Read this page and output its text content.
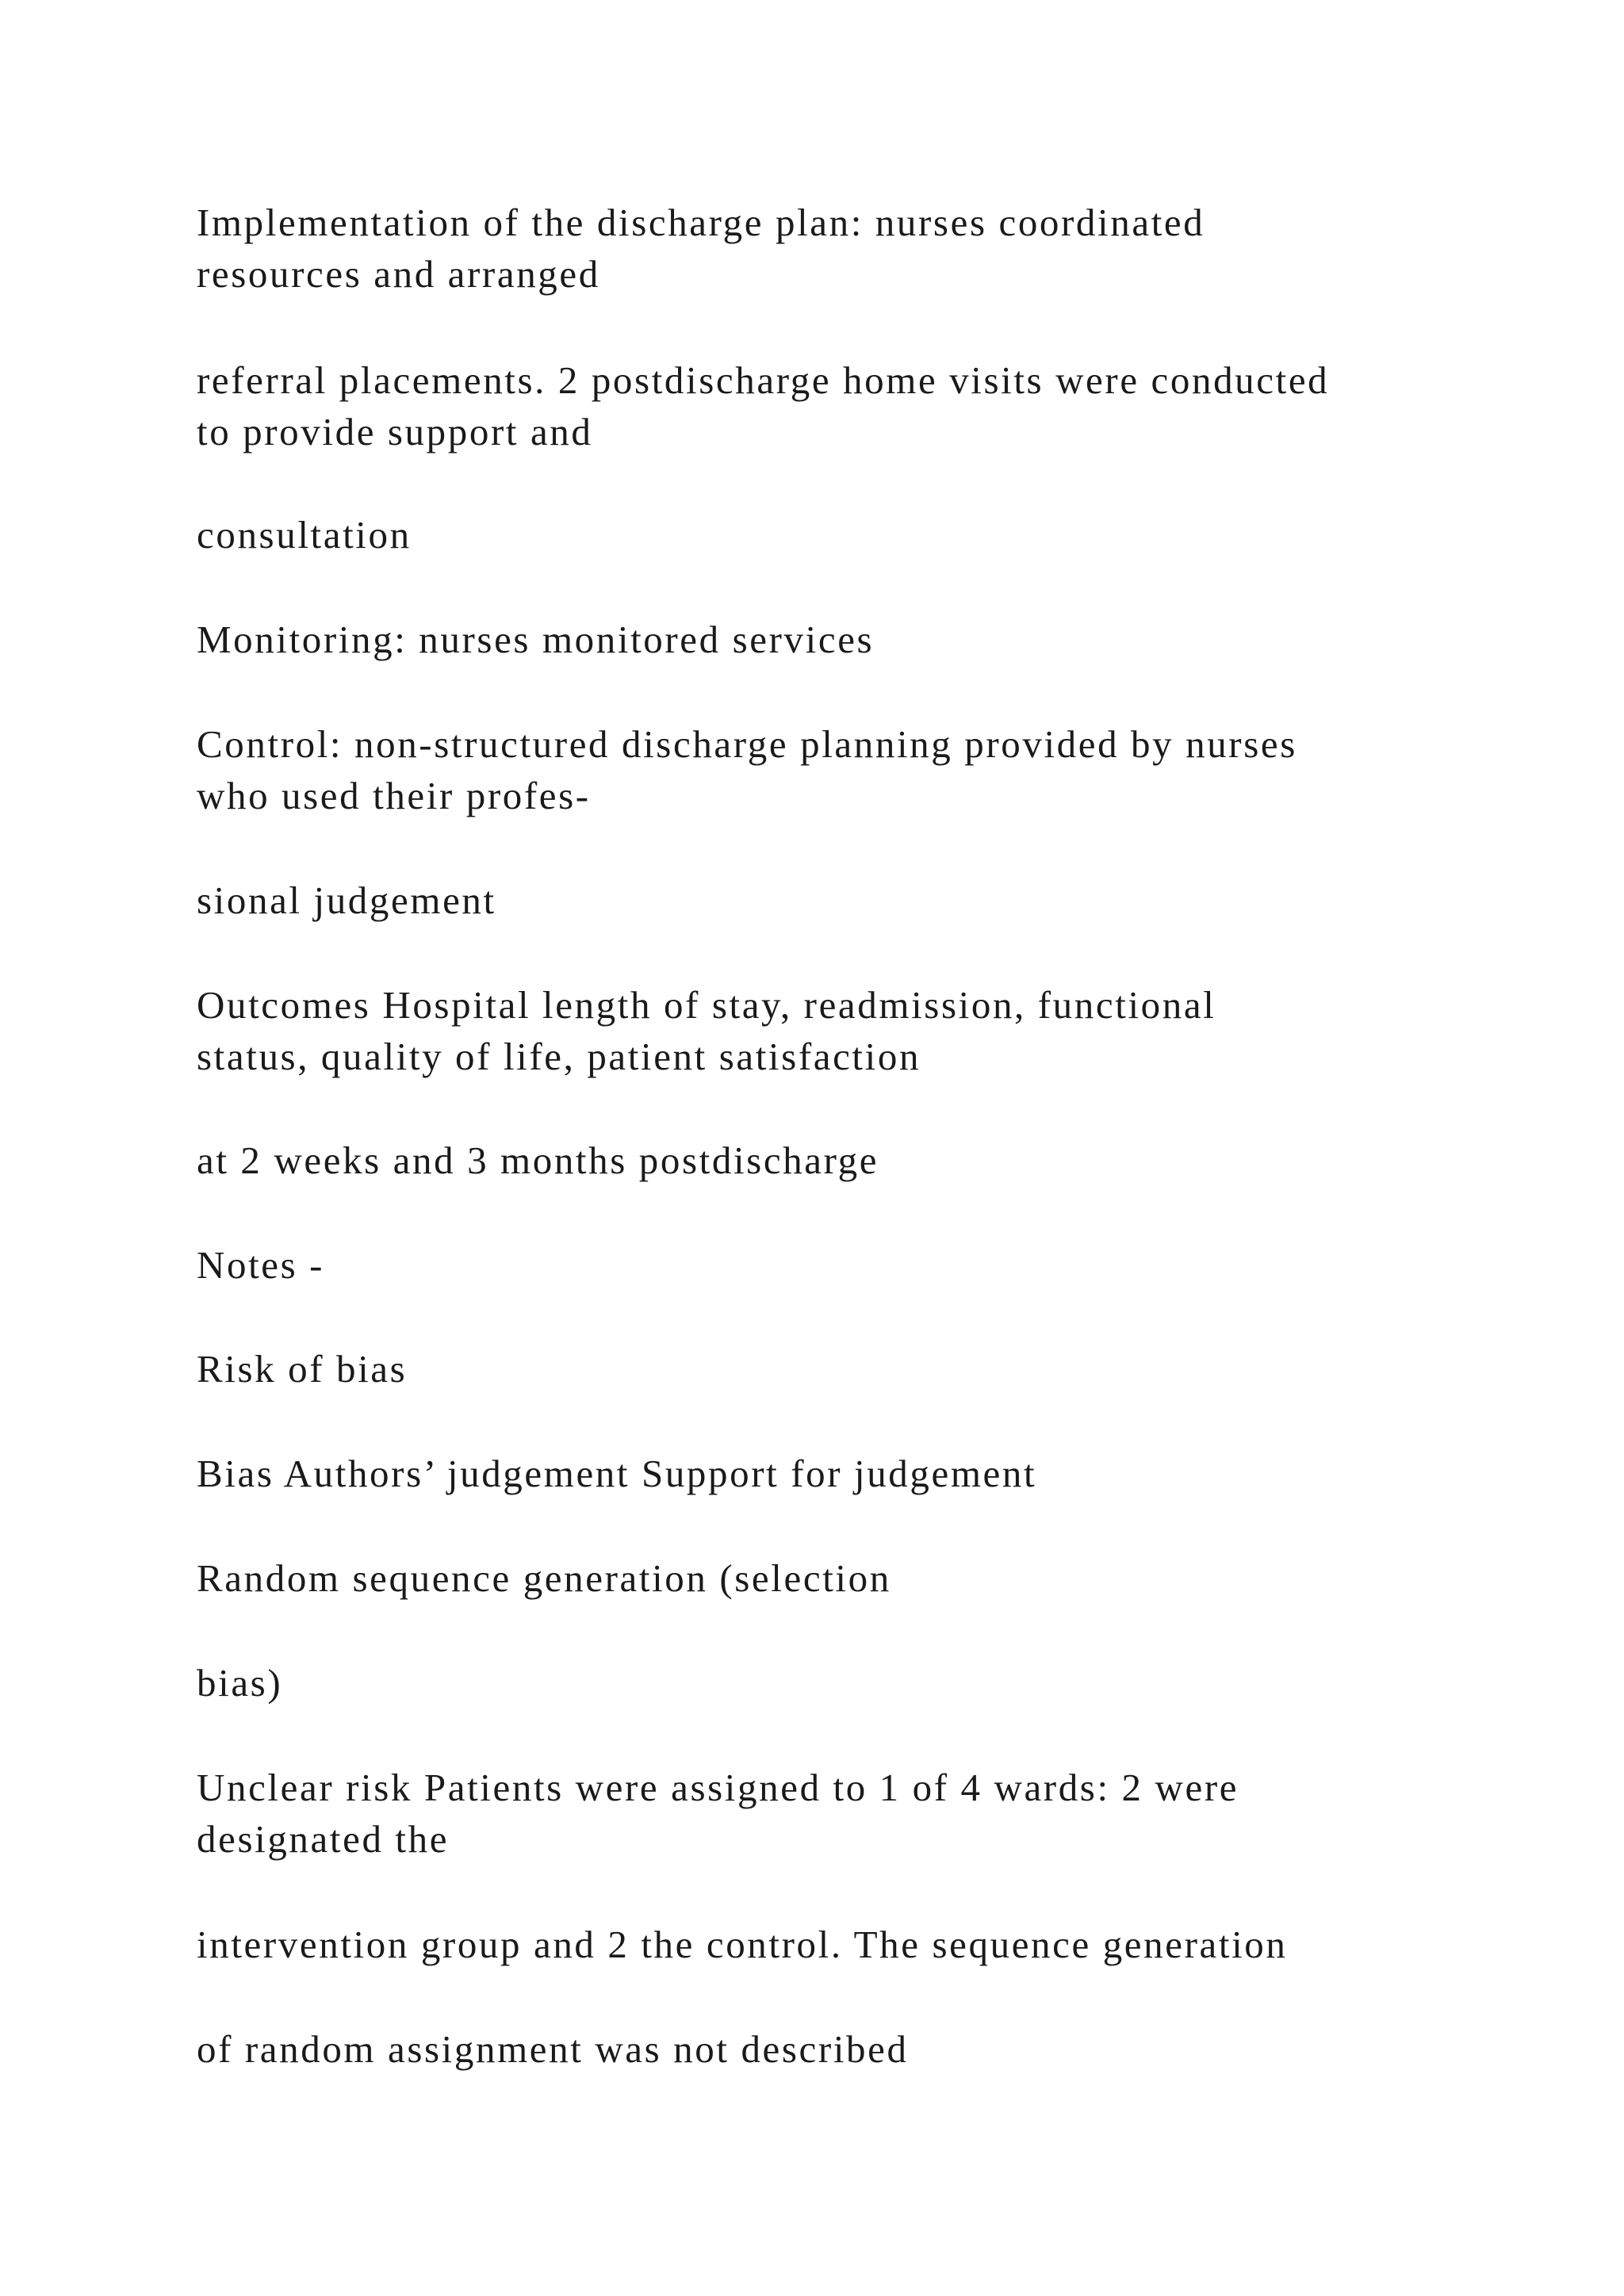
Implementation of the discharge plan: nurses coordinated
resources and arranged

referral placements. 2 postdischarge home visits were conducted
to provide support and

consultation

Monitoring: nurses monitored services

Control: non-structured discharge planning provided by nurses
who used their profes-

sional judgement

Outcomes Hospital length of stay, readmission, functional
status, quality of life, patient satisfaction

at 2 weeks and 3 months postdischarge

Notes -

Risk of bias

Bias Authors’ judgement Support for judgement

Random sequence generation (selection

bias)

Unclear risk Patients were assigned to 1 of 4 wards: 2 were
designated the

intervention group and 2 the control. The sequence generation

of random assignment was not described
